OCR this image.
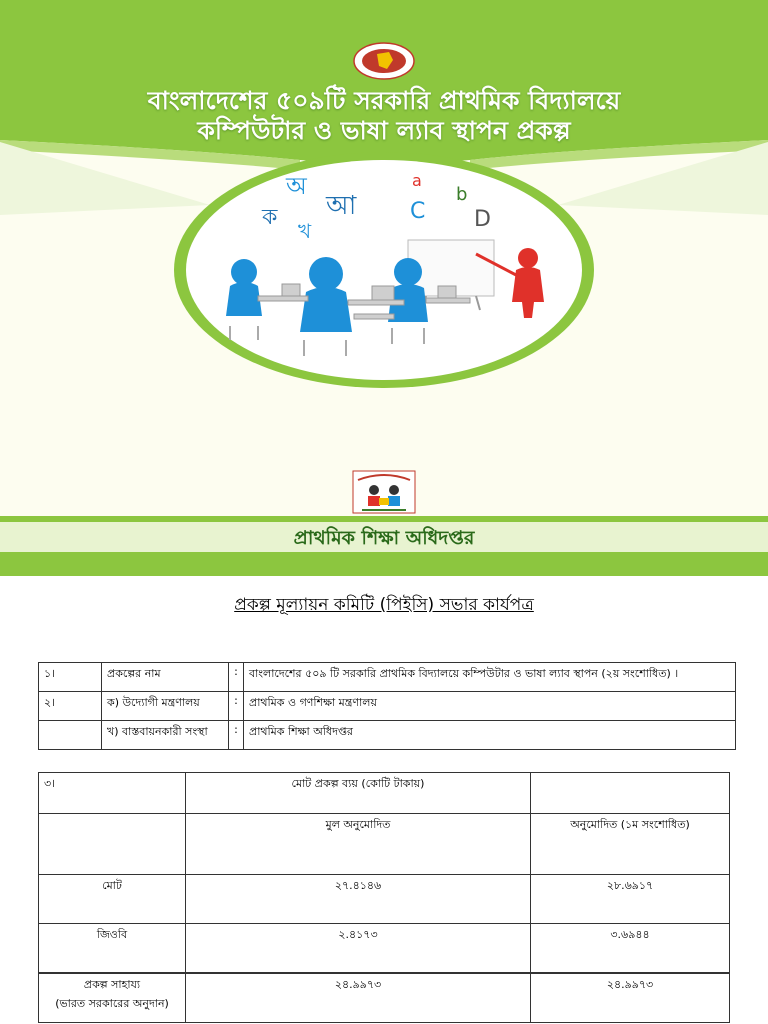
বাংলাদেশের ৫০৯টি সরকারি প্রাথমিক বিদ্যালয়ে
কম্পিউটার ও ভাষা ল্যাব স্থাপন প্রকল্প
অ
আ
ক
খ
a
b
C D
প্রাথমিক শিক্ষা অধিদপ্তর
প্রকল্প মূল্যায়ন কমিটি (পিইসি) সভার কার্যপত্র
১।	প্রকল্পের নাম	:	বাংলাদেশের ৫০৯ টি সরকারি প্রাথমিক বিদ্যালয়ে কম্পিউটার ও ভাষা ল্যাব স্থাপন (২য় সংশোধিত) ।
২।	ক) উদ্যোগী মন্ত্রণালয়	:	প্রাথমিক ও গণশিক্ষা মন্ত্রণালয়
	খ) বাস্তবায়নকারী সংস্থা	:	প্রাথমিক শিক্ষা অধিদপ্তর
৩।	মোট প্রকল্প ব্যয় (কোটি টাকায়)	
	মুল অনুমোদিত	অনুমোদিত (১ম সংশোধিত)
মোট	২৭.৪১৪৬	২৮.৬৯১৭
জিওবি	২.৪১৭৩	৩.৬৯৪৪

প্রকল্প সাহায্য
(ভারত সরকারের অনুদান)	২৪.৯৯৭৩	২৪.৯৯৭৩
